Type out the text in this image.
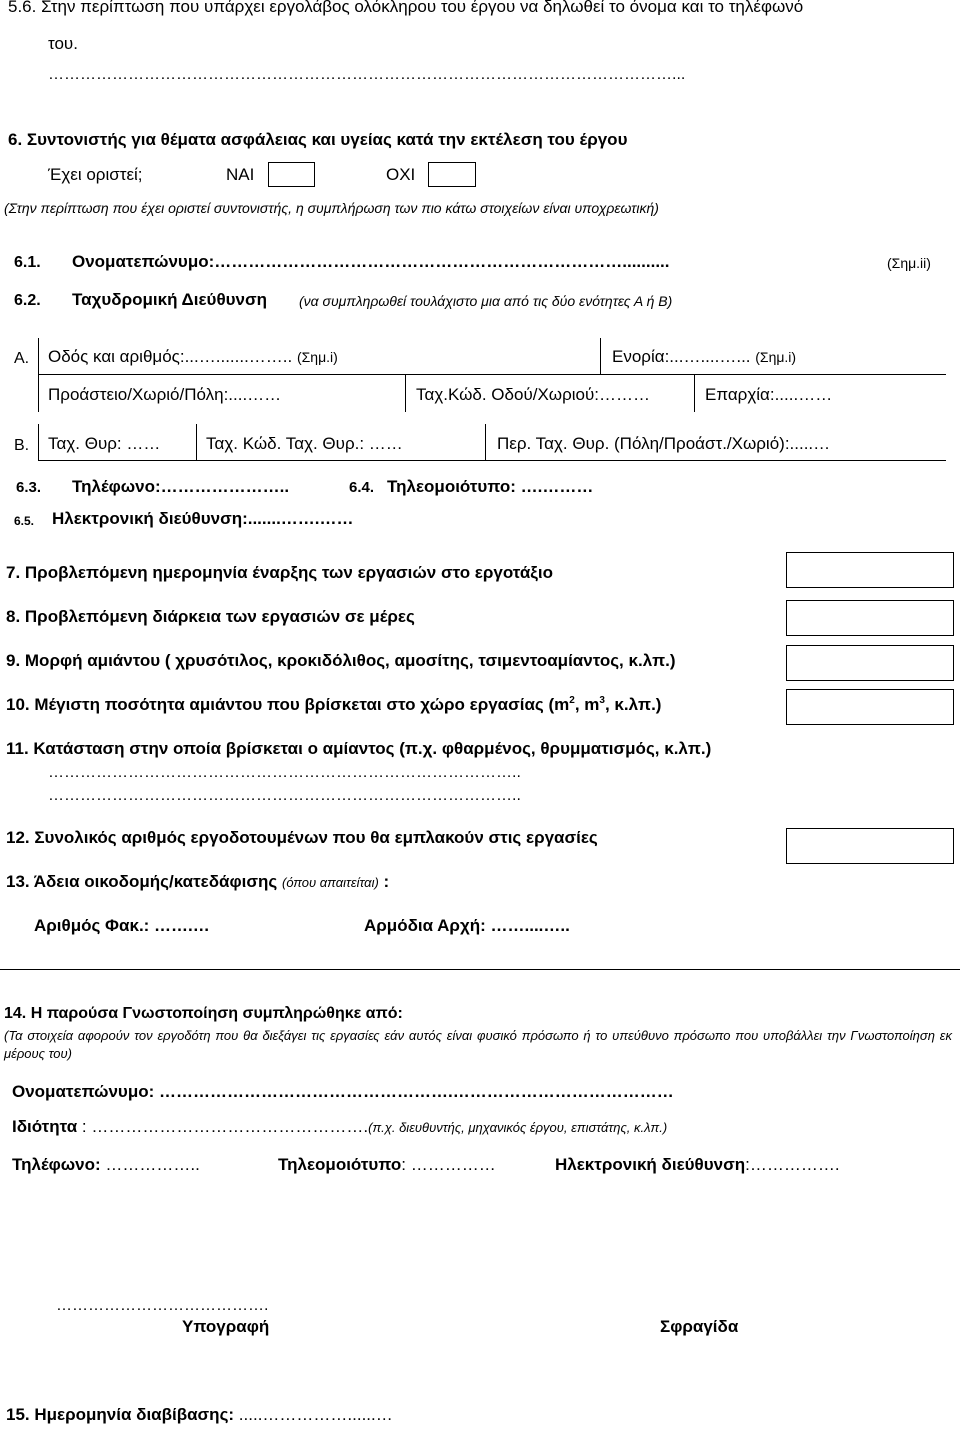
5.6. Στην περίπτωση που υπάρχει εργολάβος ολόκληρου του έργου να δηλωθεί το όνομα και το τηλέφωνό
του.
………………………………………………………………………………………………………...
6. Συντονιστής για θέματα ασφάλειας και υγείας κατά την εκτέλεση του έργου
Έχει οριστεί;	ΝΑΙ	ΟΧΙ
(Στην περίπτωση που έχει οριστεί συντονιστής, η συμπλήρωση των πιο κάτω στοιχείων είναι υποχρεωτική)
6.1. Ονοματεπώνυμο:………………………………………………………………..........	(Σημ.ii)
6.2. Ταχυδρομική Διεύθυνση (να συμπληρωθεί τουλάχιστο μια από τις δύο ενότητες Α ή Β)
Α. Οδός και αριθμός:...….......…….. (Σημ.i)	Ενορία:...…....…... (Σημ.i)
Προάστειο/Χωριό/Πόλη:....……	Ταχ.Κώδ. Οδού/Χωριού:………	Επαρχία:.....……
Β. Ταχ. Θυρ: ……	Ταχ. Κώδ. Ταχ. Θυρ.: ……	Περ. Ταχ. Θυρ. (Πόλη/Προάστ./Χωριό):.....…
6.3. Τηλέφωνο:…………………..	6.4. Τηλεομοιότυπο: ….………
6.5. Ηλεκτρονική διεύθυνση:.......…….……
7. Προβλεπόμενη ημερομηνία έναρξης των εργασιών στο εργοτάξιο
8. Προβλεπόμενη διάρκεια των εργασιών σε μέρες
9. Μορφή αμιάντου ( χρυσότιλος, κροκιδόλιθος, αμοσίτης, τσιμεντοαμίαντος, κ.λπ.)
10. Μέγιστη ποσότητα αμιάντου που βρίσκεται στο χώρο εργασίας ($m^2$, $m^3$, κ.λπ.)
11. Κατάσταση στην οποία βρίσκεται ο αμίαντος (π.χ. φθαρμένος, θρυμματισμός, κ.λπ.)
……………………………………………………………………………..
……………………………………………………………………………..
12. Συνολικός αριθμός εργοδοτουμένων που θα εμπλακούν στις εργασίες
13. Άδεια οικοδομής/κατεδάφισης (όπου απαιτείται) :
Αριθμός Φακ.: …….…	Αρμόδια Αρχή: ……....…..
14. Η παρούσα Γνωστοποίηση συμπληρώθηκε από:
(Τα στοιχεία αφορούν τον εργοδότη που θα διεξάγει τις εργασίες εάν αυτός είναι φυσικό πρόσωπο ή το υπεύθυνο πρόσωπο που υποβάλλει την Γνωστοποίηση εκ μέρους του)
Ονοματεπώνυμο: …………………………………………….…………………………………
Ιδιότητα : ………………………………………….(π.χ. διευθυντής, μηχανικός έργου, επιστάτης, κ.λπ.)
Τηλέφωνο: ……………..	Τηλεομοιότυπο: ……………	Ηλεκτρονική διεύθυνση:…………….
………………………………….
Υπογραφή	Σφραγίδα
15. Ημερομηνία διαβίβασης: .....……………......…
